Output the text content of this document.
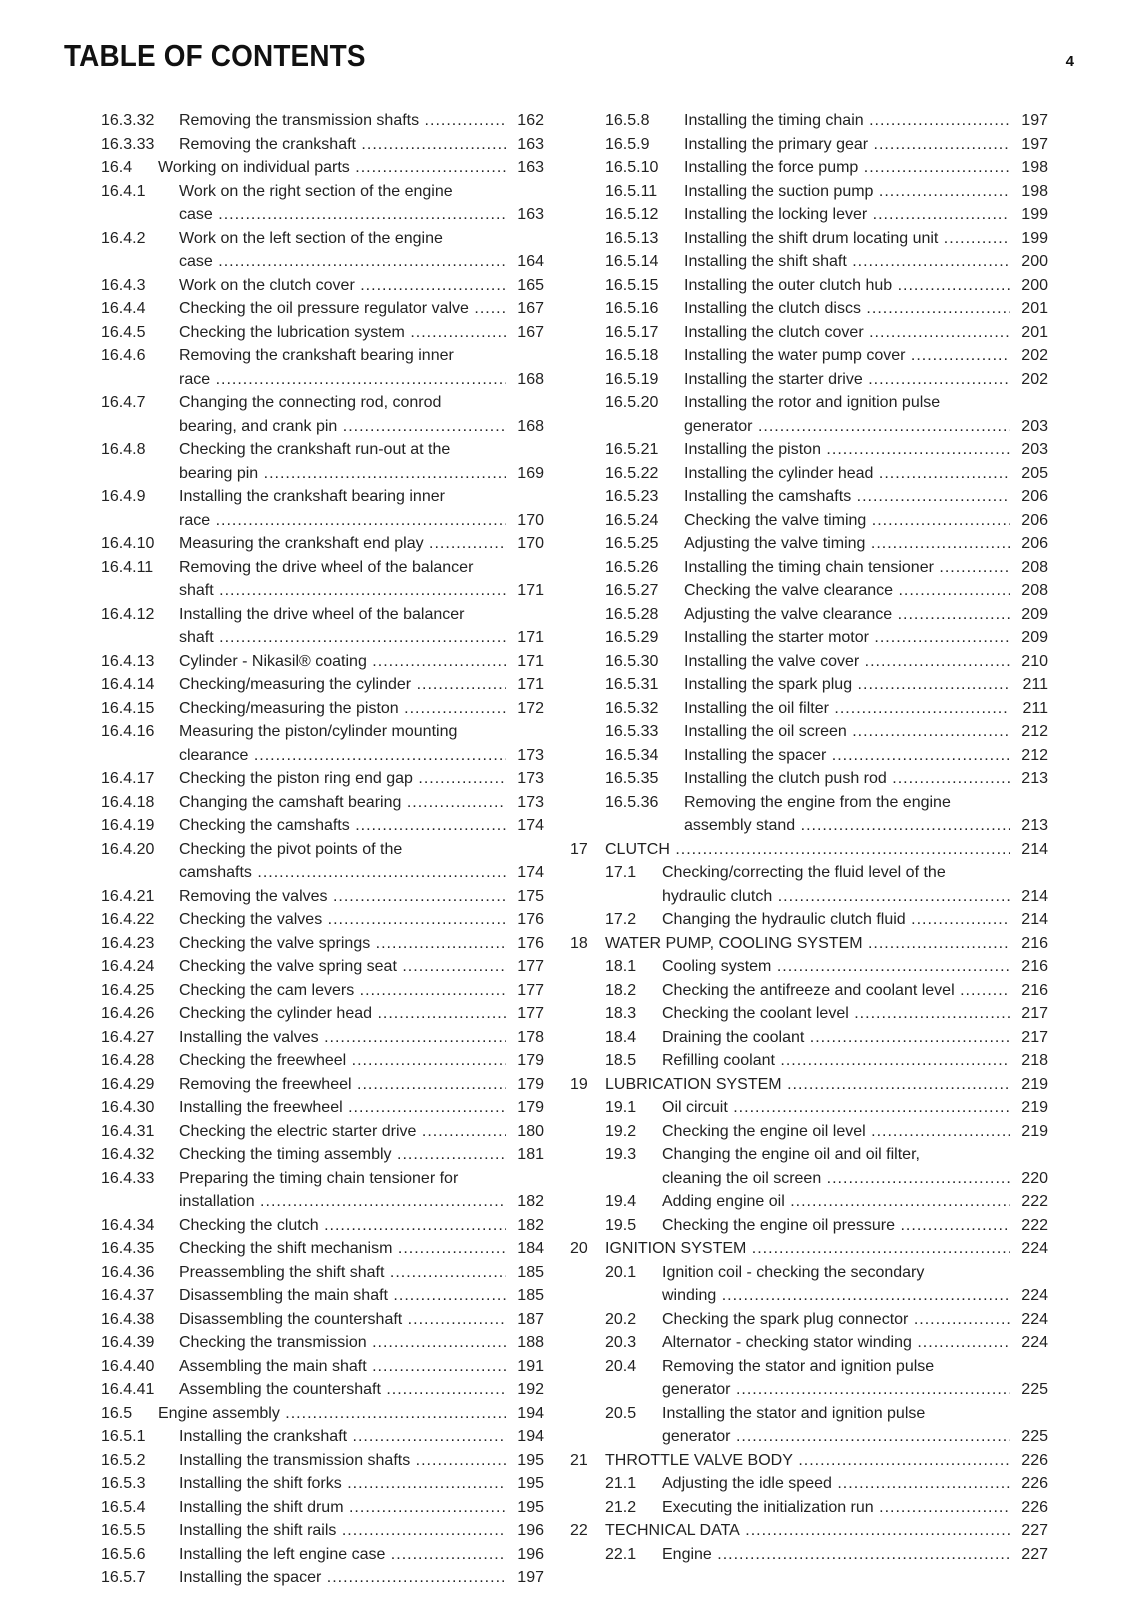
TABLE OF CONTENTS	4
16.3.32 Removing the transmission shafts .....	162
16.3.33 Removing the crankshaft .....	163
16.4 Working on individual parts .....	163
16.4.1 Work on the right section of the engine
case .....	163
16.4.2 Work on the left section of the engine
case .....	164
16.4.3 Work on the clutch cover .....	165
16.4.4 Checking the oil pressure regulator valve .....	167
16.4.5 Checking the lubrication system .....	167
16.4.6 Removing the crankshaft bearing inner
race .....	168
16.4.7 Changing the connecting rod, conrod
bearing, and crank pin .....	168
16.4.8 Checking the crankshaft run-out at the
bearing pin .....	169
16.4.9 Installing the crankshaft bearing inner
race .....	170
16.4.10 Measuring the crankshaft end play .....	170
16.4.11 Removing the drive wheel of the balancer
shaft .....	171
16.4.12 Installing the drive wheel of the balancer
shaft .....	171
16.4.13 Cylinder - Nikasil® coating .....	171
16.4.14 Checking/measuring the cylinder .....	171
16.4.15 Checking/measuring the piston .....	172
16.4.16 Measuring the piston/cylinder mounting
clearance .....	173
16.4.17 Checking the piston ring end gap .....	173
16.4.18 Changing the camshaft bearing .....	173
16.4.19 Checking the camshafts .....	174
16.4.20 Checking the pivot points of the
camshafts .....	174
16.4.21 Removing the valves .....	175
16.4.22 Checking the valves .....	176
16.4.23 Checking the valve springs .....	176
16.4.24 Checking the valve spring seat .....	177
16.4.25 Checking the cam levers .....	177
16.4.26 Checking the cylinder head .....	177
16.4.27 Installing the valves .....	178
16.4.28 Checking the freewheel .....	179
16.4.29 Removing the freewheel .....	179
16.4.30 Installing the freewheel .....	179
16.4.31 Checking the electric starter drive .....	180
16.4.32 Checking the timing assembly .....	181
16.4.33 Preparing the timing chain tensioner for
installation .....	182
16.4.34 Checking the clutch .....	182
16.4.35 Checking the shift mechanism .....	184
16.4.36 Preassembling the shift shaft .....	185
16.4.37 Disassembling the main shaft .....	185
16.4.38 Disassembling the countershaft .....	187
16.4.39 Checking the transmission .....	188
16.4.40 Assembling the main shaft .....	191
16.4.41 Assembling the countershaft .....	192
16.5 Engine assembly .....	194
16.5.1 Installing the crankshaft .....	194
16.5.2 Installing the transmission shafts .....	195
16.5.3 Installing the shift forks .....	195
16.5.4 Installing the shift drum .....	195
16.5.5 Installing the shift rails .....	196
16.5.6 Installing the left engine case .....	196
16.5.7 Installing the spacer .....	197
16.5.8 Installing the timing chain .....	197
16.5.9 Installing the primary gear .....	197
16.5.10 Installing the force pump .....	198
16.5.11 Installing the suction pump .....	198
16.5.12 Installing the locking lever .....	199
16.5.13 Installing the shift drum locating unit .....	199
16.5.14 Installing the shift shaft .....	200
16.5.15 Installing the outer clutch hub .....	200
16.5.16 Installing the clutch discs .....	201
16.5.17 Installing the clutch cover .....	201
16.5.18 Installing the water pump cover .....	202
16.5.19 Installing the starter drive .....	202
16.5.20 Installing the rotor and ignition pulse
generator .....	203
16.5.21 Installing the piston .....	203
16.5.22 Installing the cylinder head .....	205
16.5.23 Installing the camshafts .....	206
16.5.24 Checking the valve timing .....	206
16.5.25 Adjusting the valve timing .....	206
16.5.26 Installing the timing chain tensioner .....	208
16.5.27 Checking the valve clearance .....	208
16.5.28 Adjusting the valve clearance .....	209
16.5.29 Installing the starter motor .....	209
16.5.30 Installing the valve cover .....	210
16.5.31 Installing the spark plug .....	211
16.5.32 Installing the oil filter .....	211
16.5.33 Installing the oil screen .....	212
16.5.34 Installing the spacer .....	212
16.5.35 Installing the clutch push rod .....	213
16.5.36 Removing the engine from the engine
assembly stand .....	213
17 CLUTCH .....	214
17.1 Checking/correcting the fluid level of the
hydraulic clutch .....	214
17.2 Changing the hydraulic clutch fluid .....	214
18 WATER PUMP, COOLING SYSTEM .....	216
18.1 Cooling system .....	216
18.2 Checking the antifreeze and coolant level .....	216
18.3 Checking the coolant level .....	217
18.4 Draining the coolant .....	217
18.5 Refilling coolant .....	218
19 LUBRICATION SYSTEM .....	219
19.1 Oil circuit .....	219
19.2 Checking the engine oil level .....	219
19.3 Changing the engine oil and oil filter,
cleaning the oil screen .....	220
19.4 Adding engine oil .....	222
19.5 Checking the engine oil pressure .....	222
20 IGNITION SYSTEM .....	224
20.1 Ignition coil - checking the secondary
winding .....	224
20.2 Checking the spark plug connector .....	224
20.3 Alternator - checking stator winding .....	224
20.4 Removing the stator and ignition pulse
generator .....	225
20.5 Installing the stator and ignition pulse
generator .....	225
21 THROTTLE VALVE BODY .....	226
21.1 Adjusting the idle speed .....	226
21.2 Executing the initialization run .....	226
22 TECHNICAL DATA .....	227
22.1 Engine .....	227
